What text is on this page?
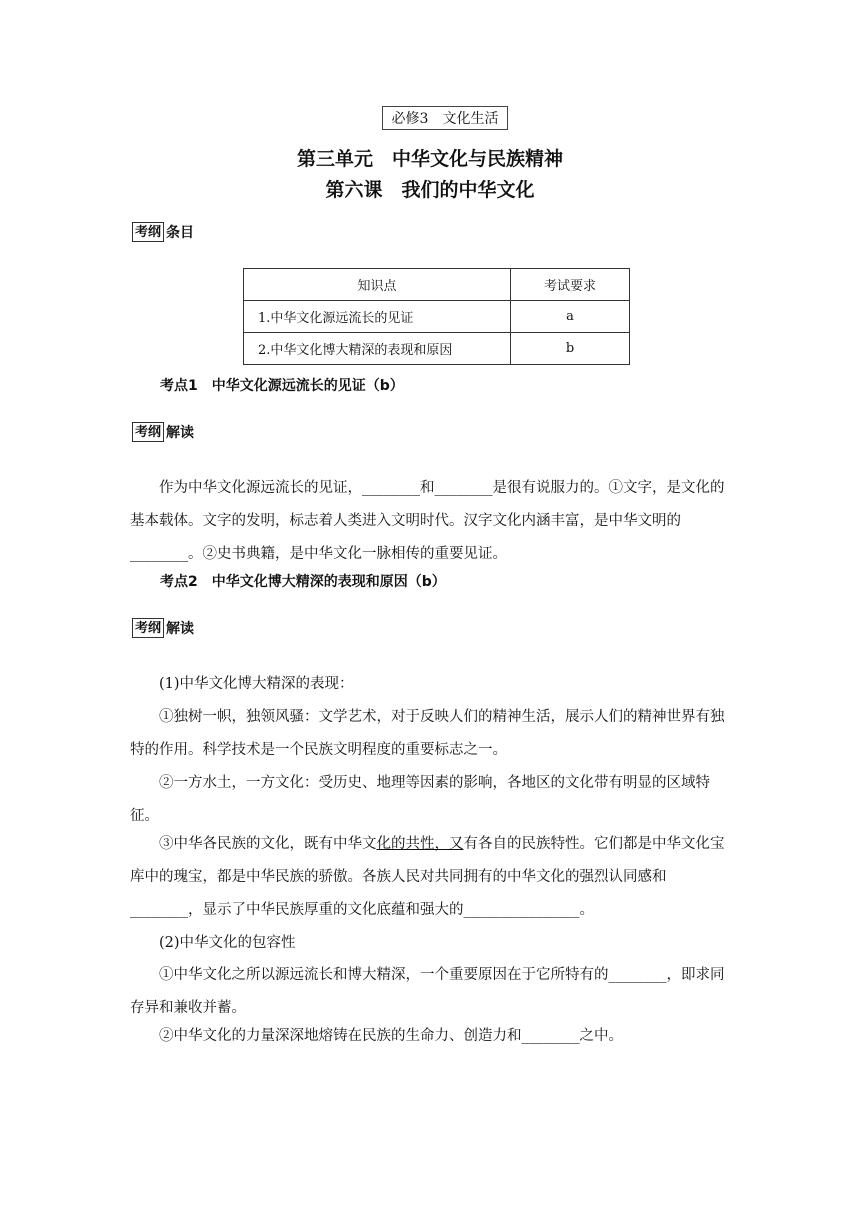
必修3　文化生活
第三单元　中华文化与民族精神
第六课　我们的中华文化
考纲 条目
知识点	考试要求
1.中华文化源远流长的见证	a
2.中华文化博大精深的表现和原因	b
考点1　中华文化源远流长的见证（b）
考纲 解读
作为中华文化源远流长的见证，________和________是很有说服力的。①文字，是文化的基本载体。文字的发明，标志着人类进入文明时代。汉字文化内涵丰富，是中华文明的________。②史书典籍，是中华文化一脉相传的重要见证。
考点2　中华文化博大精深的表现和原因（b）
考纲 解读
(1)中华文化博大精深的表现：
①独树一帜，独领风骚：文学艺术，对于反映人们的精神生活，展示人们的精神世界有独特的作用。科学技术是一个民族文明程度的重要标志之一。
②一方水土，一方文化：受历史、地理等因素的影响，各地区的文化带有明显的区域特征。
③中华各民族的文化，既有中华文化的共性，又有各自的民族特性。它们都是中华文化宝库中的瑰宝，都是中华民族的骄傲。各族人民对共同拥有的中华文化的强烈认同感和________，显示了中华民族厚重的文化底蕴和强大的________________。
(2)中华文化的包容性
①中华文化之所以源远流长和博大精深，一个重要原因在于它所特有的________，即求同存异和兼收并蓄。
②中华文化的力量深深地熔铸在民族的生命力、创造力和________之中。
